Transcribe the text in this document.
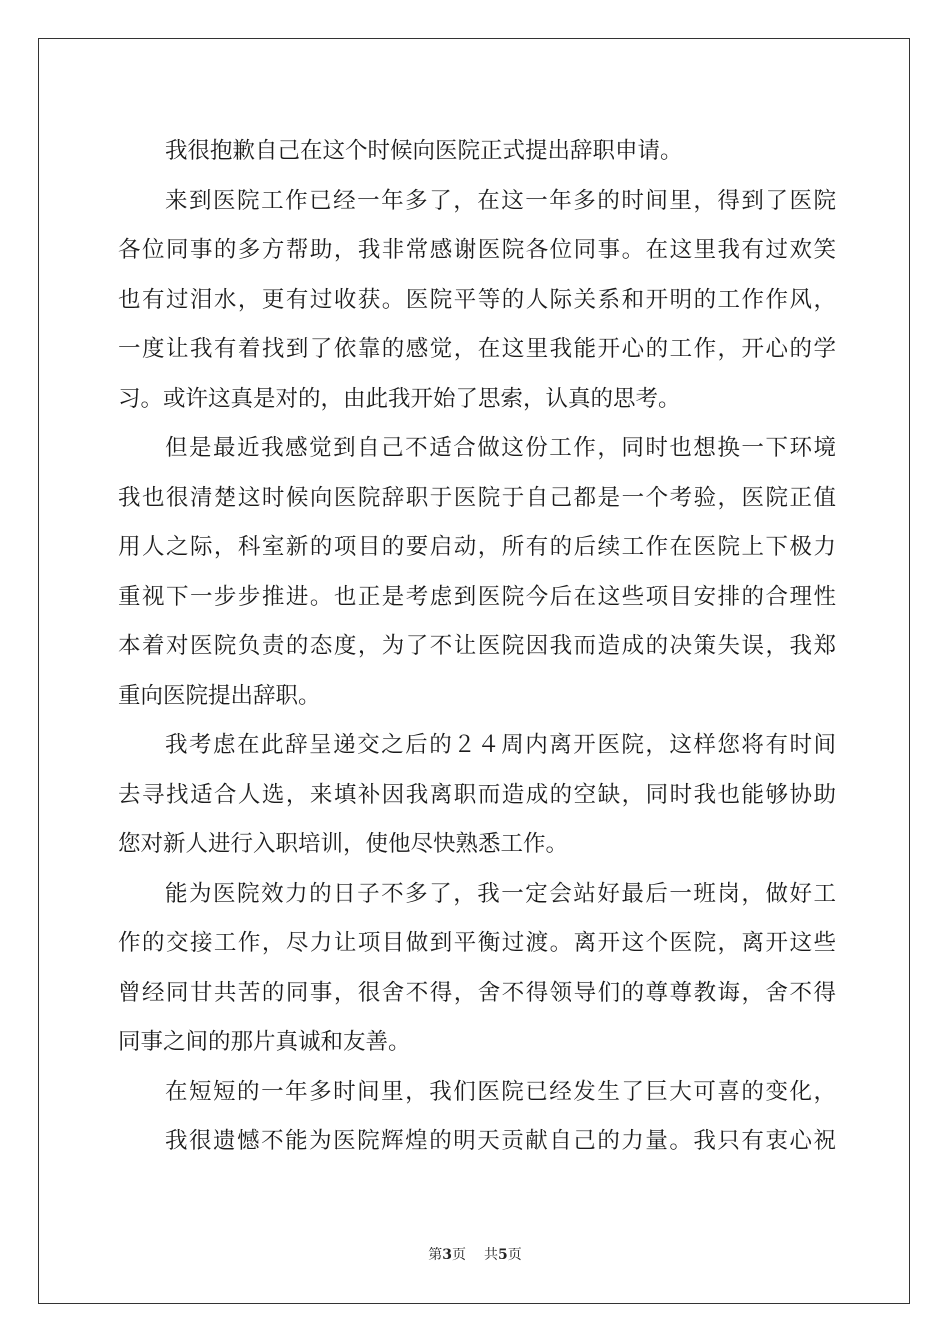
我很抱歉自己在这个时候向医院正式提出辞职申请。
来到医院工作已经一年多了，在这一年多的时间里，得到了医院
各位同事的多方帮助，我非常感谢医院各位同事。在这里我有过欢笑
也有过泪水，更有过收获。医院平等的人际关系和开明的工作作风，
一度让我有着找到了依靠的感觉，在这里我能开心的工作，开心的学
习。或许这真是对的，由此我开始了思索，认真的思考。
但是最近我感觉到自己不适合做这份工作，同时也想换一下环境
我也很清楚这时候向医院辞职于医院于自己都是一个考验，医院正值
用人之际，科室新的项目的要启动，所有的后续工作在医院上下极力
重视下一步步推进。也正是考虑到医院今后在这些项目安排的合理性
本着对医院负责的态度，为了不让医院因我而造成的决策失误，我郑
重向医院提出辞职。
我考虑在此辞呈递交之后的２４周内离开医院，这样您将有时间
去寻找适合人选，来填补因我离职而造成的空缺，同时我也能够协助
您对新人进行入职培训，使他尽快熟悉工作。
能为医院效力的日子不多了，我一定会站好最后一班岗，做好工
作的交接工作，尽力让项目做到平衡过渡。离开这个医院，离开这些
曾经同甘共苦的同事，很舍不得，舍不得领导们的尊尊教诲，舍不得
同事之间的那片真诚和友善。
在短短的一年多时间里，我们医院已经发生了巨大可喜的变化，
我很遗憾不能为医院辉煌的明天贡献自己的力量。我只有衷心祝
第3页 共5页
